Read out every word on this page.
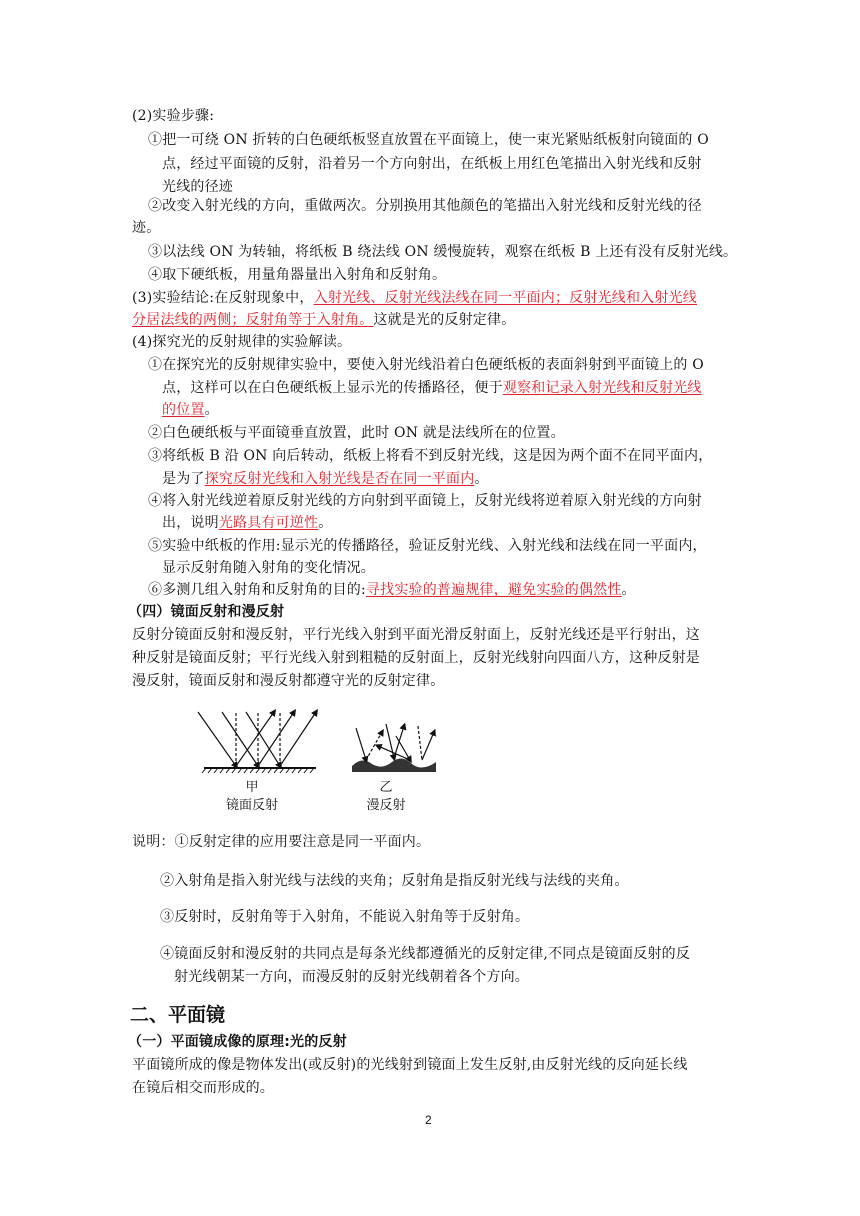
(2)实验步骤:
①把一可绕 ON 折转的白色硬纸板竖直放置在平面镜上，使一束光紧贴纸板射向镜面的 O
点，经过平面镜的反射，沿着另一个方向射出，在纸板上用红色笔描出入射光线和反射
光线的径迹
②改变入射光线的方向，重做两次。分别换用其他颜色的笔描出入射光线和反射光线的径
迹。
③以法线 ON 为转轴，将纸板 B 绕法线 ON 缓慢旋转，观察在纸板 B 上还有没有反射光线。
④取下硬纸板，用量角器量出入射角和反射角。
(3)实验结论:在反射现象中，入射光线、反射光线法线在同一平面内；反射光线和入射光线
分居法线的两侧；反射角等于入射角。这就是光的反射定律。
(4)探究光的反射规律的实验解读。
①在探究光的反射规律实验中，要使入射光线沿着白色硬纸板的表面斜射到平面镜上的 O
点，这样可以在白色硬纸板上显示光的传播路径，便于观察和记录入射光线和反射光线
的位置。
②白色硬纸板与平面镜垂直放置，此时 ON 就是法线所在的位置。
③将纸板 B 沿 ON 向后转动，纸板上将看不到反射光线，这是因为两个面不在同平面内，
是为了探究反射光线和入射光线是否在同一平面内。
④将入射光线逆着原反射光线的方向射到平面镜上，反射光线将逆着原入射光线的方向射
出，说明光路具有可逆性。
⑤实验中纸板的作用:显示光的传播路径，验证反射光线、入射光线和法线在同一平面内，
显示反射角随入射角的变化情况。
⑥多测几组入射角和反射角的目的:寻找实验的普遍规律，避免实验的偶然性。
（四）镜面反射和漫反射
反射分镜面反射和漫反射，平行光线入射到平面光滑反射面上，反射光线还是平行射出，这
种反射是镜面反射；平行光线入射到粗糙的反射面上，反射光线射向四面八方，这种反射是
漫反射，镜面反射和漫反射都遵守光的反射定律。
甲
镜面反射
乙
漫反射
说明：①反射定律的应用要注意是同一平面内。
②入射角是指入射光线与法线的夹角；反射角是指反射光线与法线的夹角。
③反射时，反射角等于入射角，不能说入射角等于反射角。
④镜面反射和漫反射的共同点是每条光线都遵循光的反射定律,不同点是镜面反射的反
射光线朝某一方向，而漫反射的反射光线朝着各个方向。
二、平面镜
（一）平面镜成像的原理:光的反射
平面镜所成的像是物体发出(或反射)的光线射到镜面上发生反射,由反射光线的反向延长线
在镜后相交而形成的。
2
